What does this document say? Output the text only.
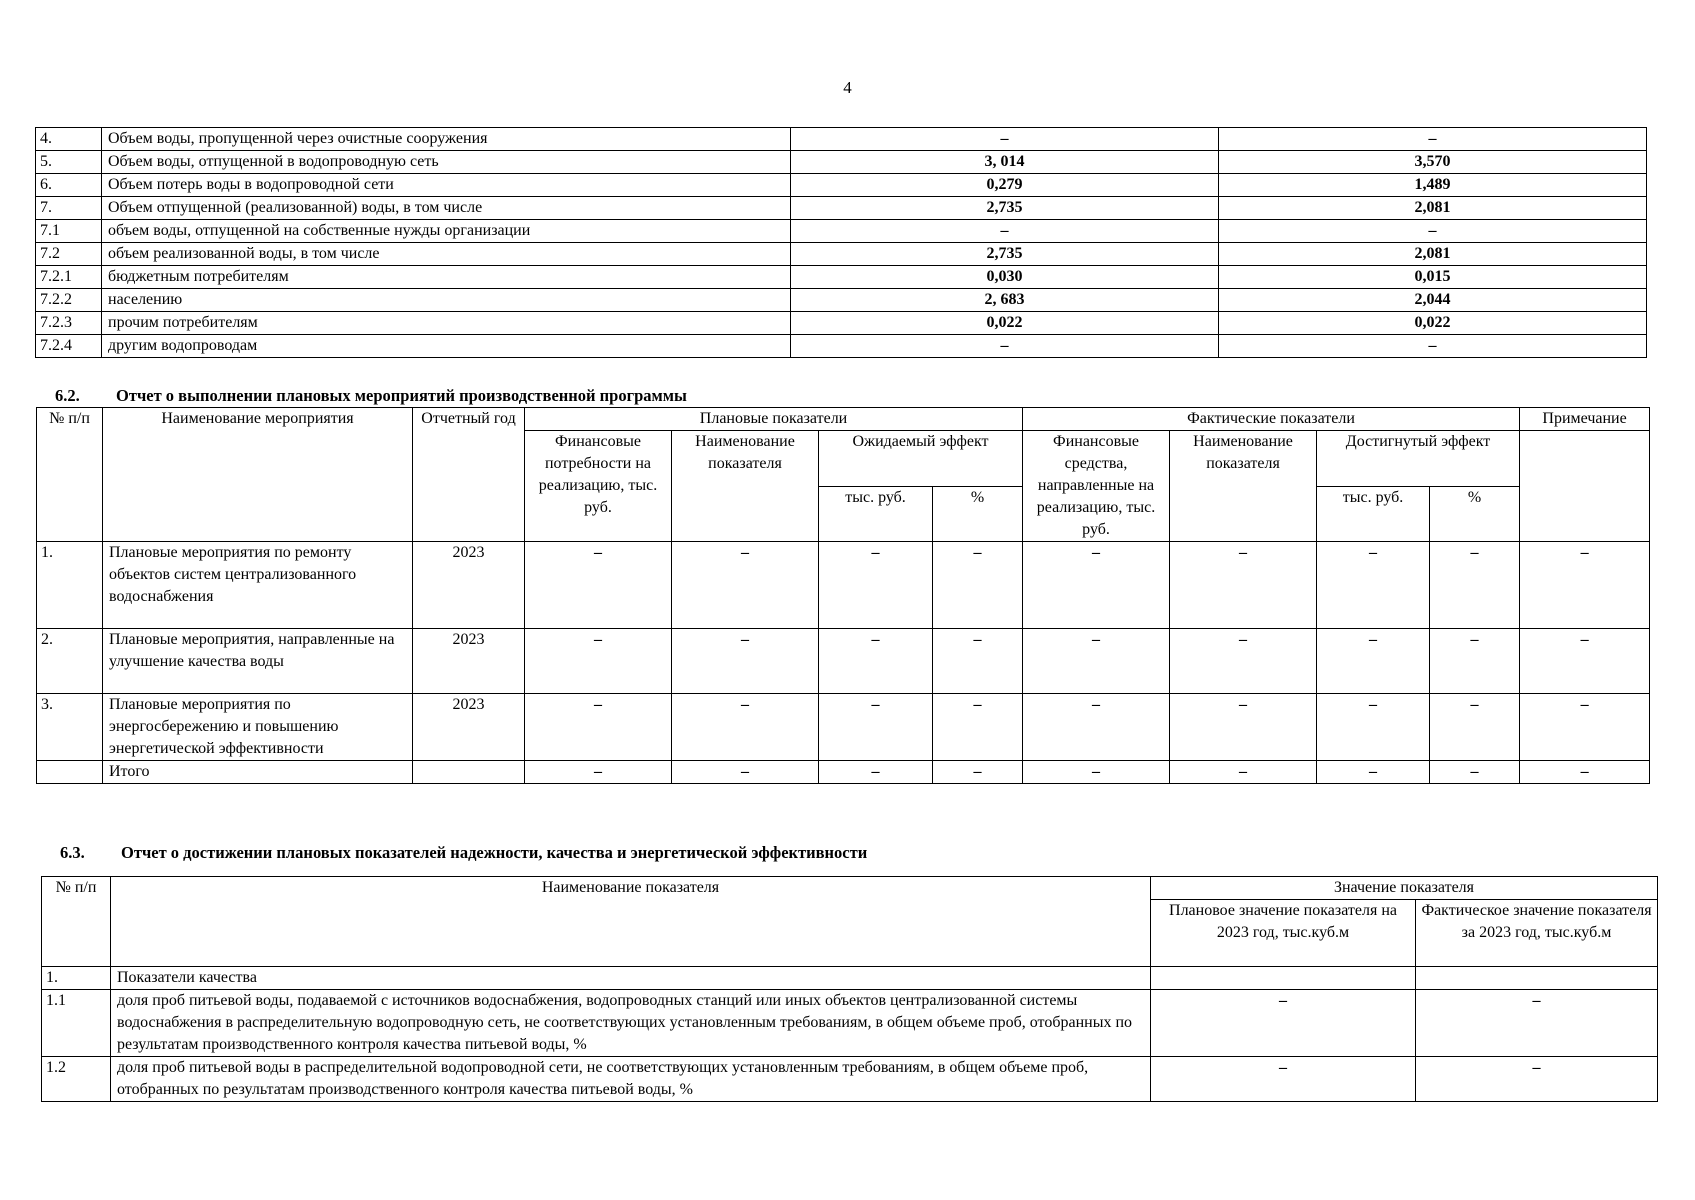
4
4.	Объем воды, пропущенной через очистные сооружения	–	–
5.	Объем воды, отпущенной в водопроводную сеть	3, 014	3,570
6.	Объем потерь воды в водопроводной сети	0,279	1,489
7.	Объем отпущенной (реализованной) воды, в том числе	2,735	2,081
7.1	объем воды, отпущенной на собственные нужды организации	–	–
7.2	объем реализованной воды, в том числе	2,735	2,081
7.2.1	бюджетным потребителям	0,030	0,015
7.2.2	населению	2, 683	2,044
7.2.3	прочим потребителям	0,022	0,022
7.2.4	другим водопроводам	–	–
6.2. Отчет о выполнении плановых мероприятий производственной программы
№ п/п	Наименование мероприятия	Отчетный год	Плановые показатели				Фактические показатели				Примечание
			Финансовые потребности на реализацию, тыс. руб.	Наименование показателя	Ожидаемый эффект		Финансовые средства, направленные на реализацию, тыс. руб.	Наименование показателя	Достигнутый эффект		
					тыс. руб.	%			тыс. руб.	%	
1.	Плановые мероприятия по ремонту объектов систем централизованного водоснабжения	2023	–	–	–	–	–	–	–	–	–
2.	Плановые мероприятия, направленные на улучшение качества воды	2023	–	–	–	–	–	–	–	–	–
3.	Плановые мероприятия по энергосбережению и повышению энергетической эффективности	2023	–	–	–	–	–	–	–	–	–
	Итого		–	–	–	–	–	–	–	–	–
6.3. Отчет о достижении плановых показателей надежности, качества и энергетической эффективности
№ п/п	Наименование показателя	Значение показателя	
		Плановое значение показателя на 2023 год, тыс.куб.м	Фактическое значение показателя за 2023 год, тыс.куб.м
1.	Показатели качества		
1.1	доля проб питьевой воды, подаваемой с источников водоснабжения, водопроводных станций или иных объектов централизованной системы водоснабжения в распределительную водопроводную сеть, не соответствующих установленным требованиям, в общем объеме проб, отобранных по результатам производственного контроля качества питьевой воды, %	–	–
1.2	доля проб питьевой воды в распределительной водопроводной сети, не соответствующих установленным требованиям, в общем объеме проб, отобранных по результатам производственного контроля качества питьевой воды, %	–	–
